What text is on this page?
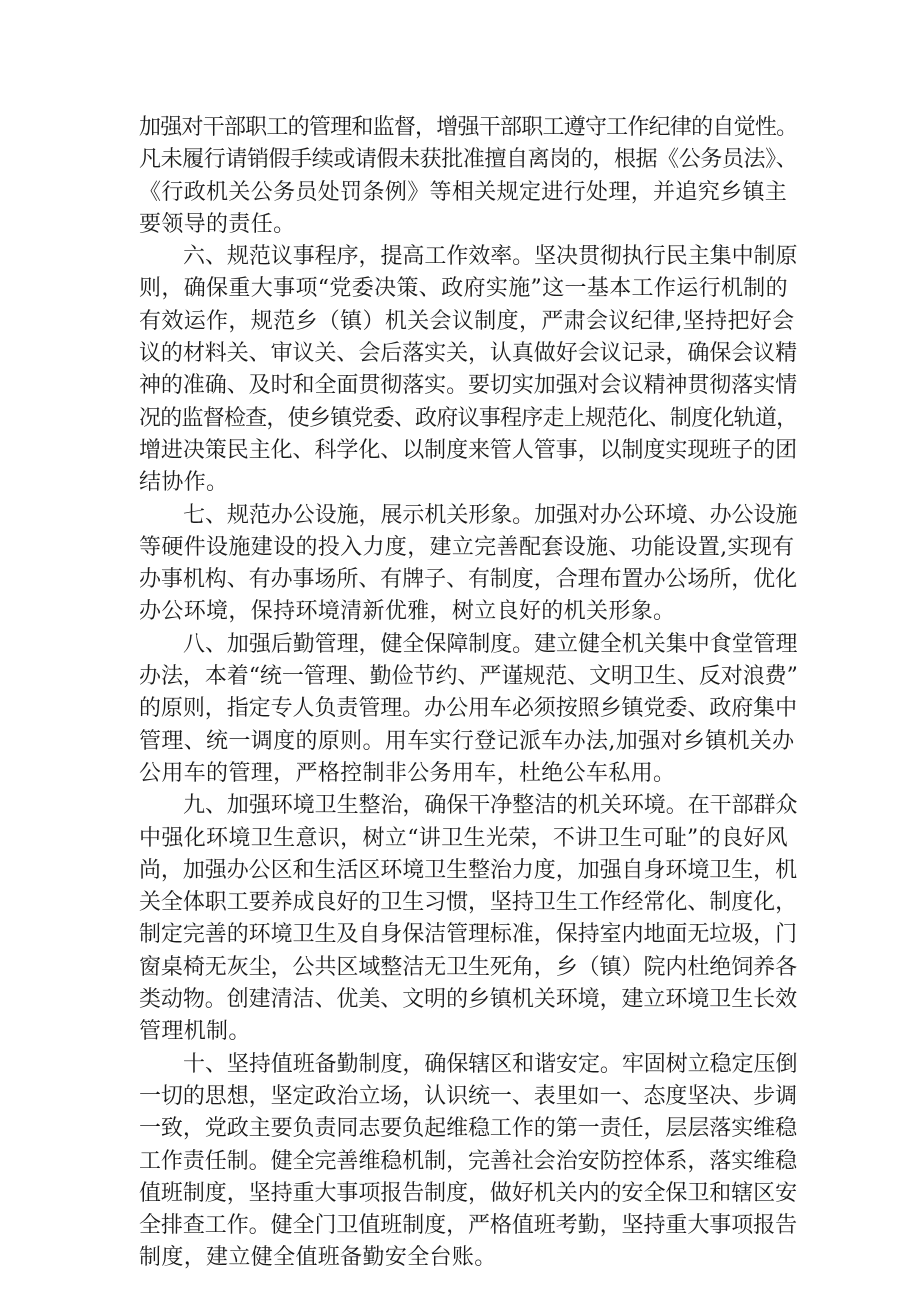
加强对干部职工的管理和监督，增强干部职工遵守工作纪律的自觉性。
凡未履行请销假手续或请假未获批准擅自离岗的，根据《公务员法》、
《行政机关公务员处罚条例》等相关规定进行处理，并追究乡镇主
要领导的责任。

六、规范议事程序，提高工作效率。坚决贯彻执行民主集中制原
则，确保重大事项“党委决策、政府实施”这一基本工作运行机制的
有效运作，规范乡（镇）机关会议制度，严肃会议纪律,坚持把好会
议的材料关、审议关、会后落实关，认真做好会议记录，确保会议精
神的准确、及时和全面贯彻落实。要切实加强对会议精神贯彻落实情
况的监督检查，使乡镇党委、政府议事程序走上规范化、制度化轨道，
增进决策民主化、科学化、以制度来管人管事，以制度实现班子的团
结协作。

七、规范办公设施，展示机关形象。加强对办公环境、办公设施
等硬件设施建设的投入力度，建立完善配套设施、功能设置,实现有
办事机构、有办事场所、有牌子、有制度，合理布置办公场所，优化
办公环境，保持环境清新优雅，树立良好的机关形象。

八、加强后勤管理，健全保障制度。建立健全机关集中食堂管理
办法，本着“统一管理、勤俭节约、严谨规范、文明卫生、反对浪费”
的原则，指定专人负责管理。办公用车必须按照乡镇党委、政府集中
管理、统一调度的原则。用车实行登记派车办法,加强对乡镇机关办
公用车的管理，严格控制非公务用车，杜绝公车私用。

九、加强环境卫生整治，确保干净整洁的机关环境。在干部群众
中强化环境卫生意识，树立“讲卫生光荣，不讲卫生可耻”的良好风
尚，加强办公区和生活区环境卫生整治力度，加强自身环境卫生，机
关全体职工要养成良好的卫生习惯，坚持卫生工作经常化、制度化，
制定完善的环境卫生及自身保洁管理标准，保持室内地面无垃圾，门
窗桌椅无灰尘，公共区域整洁无卫生死角，乡（镇）院内杜绝饲养各
类动物。创建清洁、优美、文明的乡镇机关环境，建立环境卫生长效
管理机制。

十、坚持值班备勤制度，确保辖区和谐安定。牢固树立稳定压倒
一切的思想，坚定政治立场，认识统一、表里如一、态度坚决、步调
一致，党政主要负责同志要负起维稳工作的第一责任，层层落实维稳
工作责任制。健全完善维稳机制，完善社会治安防控体系，落实维稳
值班制度，坚持重大事项报告制度，做好机关内的安全保卫和辖区安
全排查工作。健全门卫值班制度，严格值班考勤，坚持重大事项报告
制度，建立健全值班备勤安全台账。
